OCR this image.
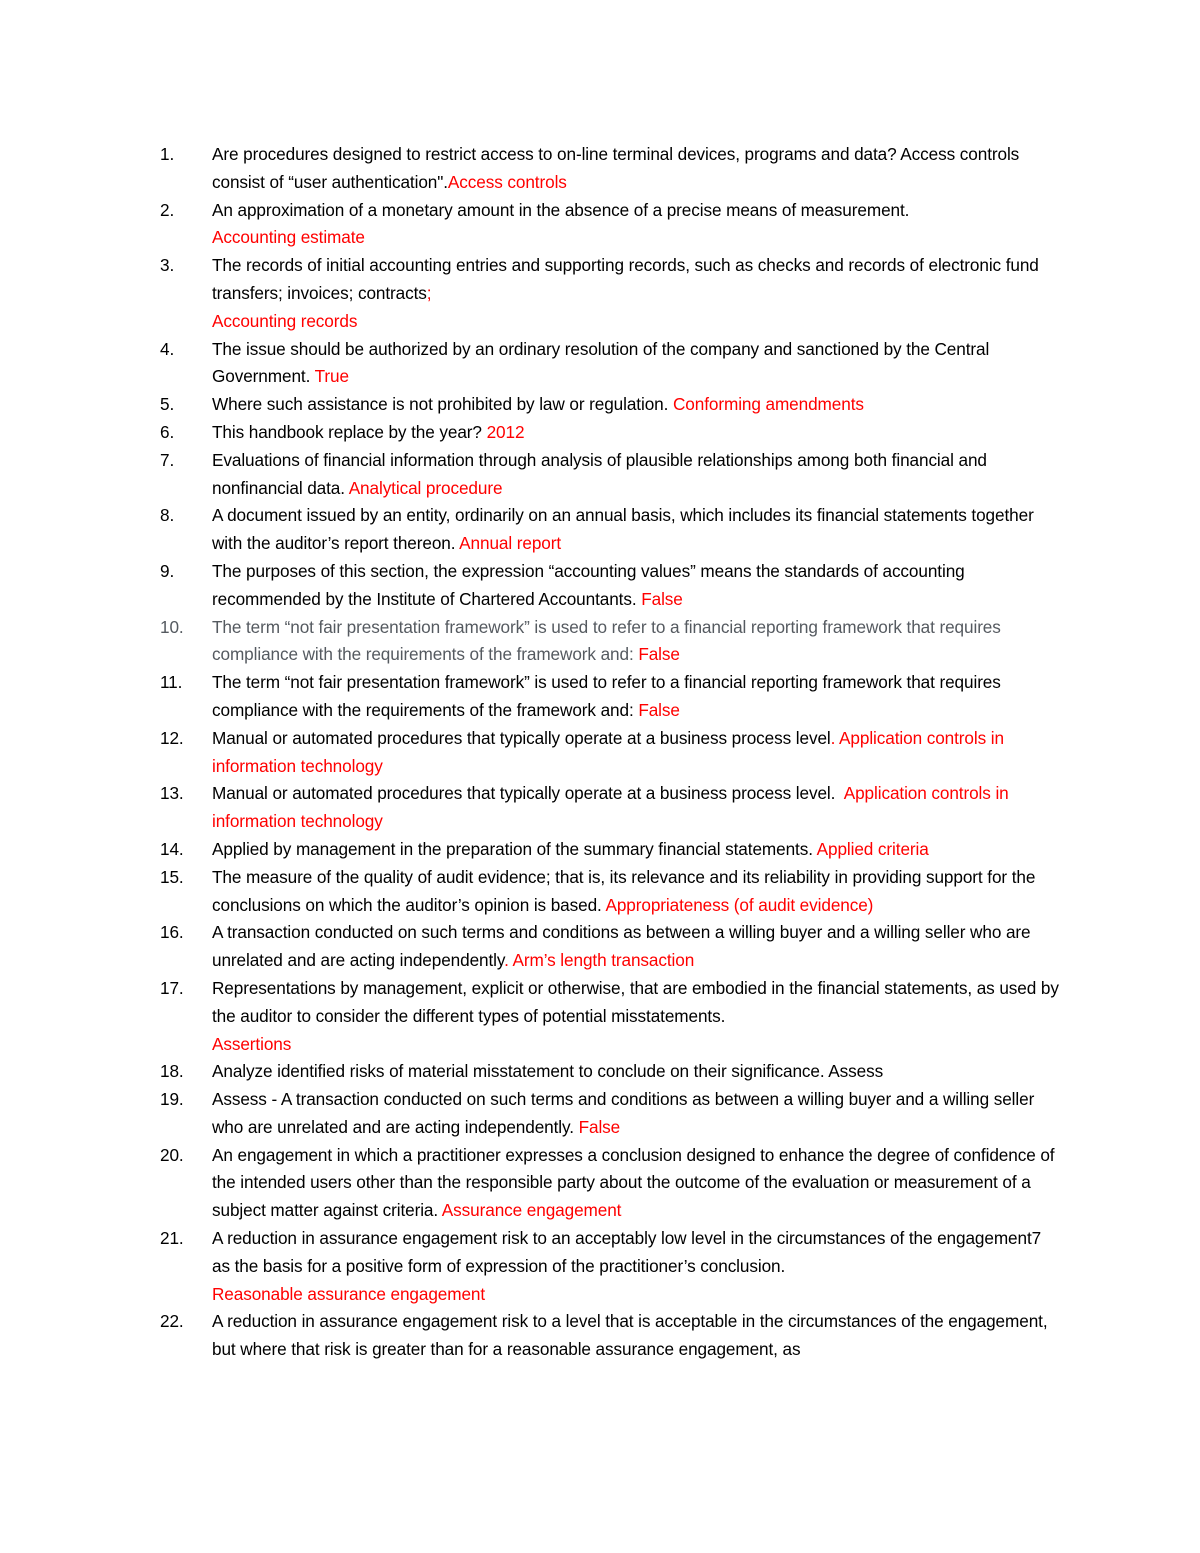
1.	Are procedures designed to restrict access to on-line terminal devices, programs and data? Access controls consist of “user authentication".Access controls
2.	An approximation of a monetary amount in the absence of a precise means of measurement.
Accounting estimate
3.	The records of initial accounting entries and supporting records, such as checks and records of electronic fund transfers; invoices; contracts;
Accounting records
4.	The issue should be authorized by an ordinary resolution of the company and sanctioned by the Central Government. True
5.	Where such assistance is not prohibited by law or regulation. Conforming amendments
6.	This handbook replace by the year? 2012
7.	Evaluations of financial information through analysis of plausible relationships among both financial and nonfinancial data. Analytical procedure
8.	A document issued by an entity, ordinarily on an annual basis, which includes its financial statements together with the auditor’s report thereon. Annual report
9.	The purposes of this section, the expression “accounting values” means the standards of accounting recommended by the Institute of Chartered Accountants. False
10.	The term “not fair presentation framework” is used to refer to a financial reporting framework that requires compliance with the requirements of the framework and: False
11.	The term “not fair presentation framework” is used to refer to a financial reporting framework that requires compliance with the requirements of the framework and: False
12.	Manual or automated procedures that typically operate at a business process level. Application controls in information technology
13.	Manual or automated procedures that typically operate at a business process level. Application controls in information technology
14.	Applied by management in the preparation of the summary financial statements. Applied criteria
15.	The measure of the quality of audit evidence; that is, its relevance and its reliability in providing support for the conclusions on which the auditor’s opinion is based. Appropriateness (of audit evidence)
16.	A transaction conducted on such terms and conditions as between a willing buyer and a willing seller who are unrelated and are acting independently. Arm’s length transaction
17.	Representations by management, explicit or otherwise, that are embodied in the financial statements, as used by the auditor to consider the different types of potential misstatements.
Assertions
18.	Analyze identified risks of material misstatement to conclude on their significance. Assess
19.	Assess - A transaction conducted on such terms and conditions as between a willing buyer and a willing seller who are unrelated and are acting independently. False
20.	An engagement in which a practitioner expresses a conclusion designed to enhance the degree of confidence of the intended users other than the responsible party about the outcome of the evaluation or measurement of a subject matter against criteria. Assurance engagement
21.	A reduction in assurance engagement risk to an acceptably low level in the circumstances of the engagement7 as the basis for a positive form of expression of the practitioner’s conclusion.
Reasonable assurance engagement
22.	A reduction in assurance engagement risk to a level that is acceptable in the circumstances of the engagement, but where that risk is greater than for a reasonable assurance engagement, as
